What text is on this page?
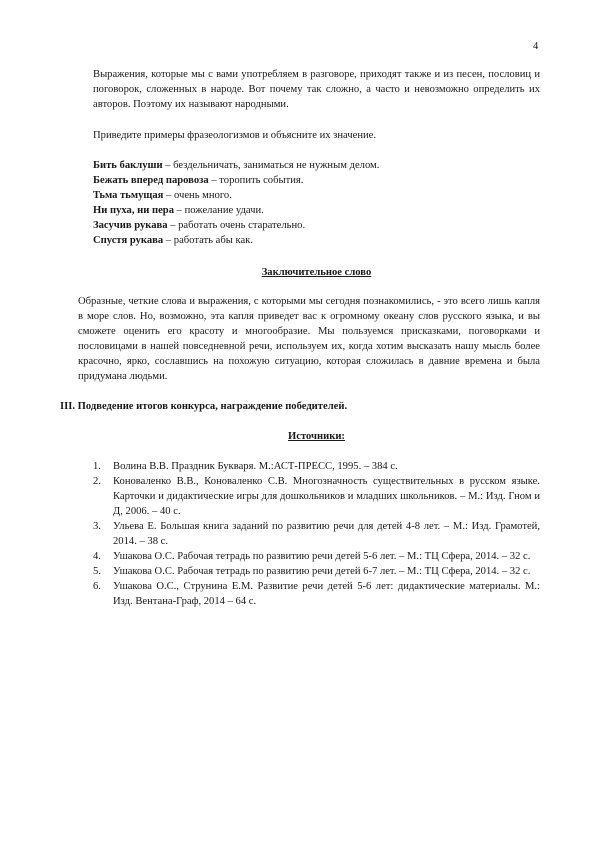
4

Выражения, которые мы с вами употребляем в разговоре, приходят также и из песен, пословиц и поговорок, сложенных в народе. Вот почему так сложно, а часто и невозможно определить их авторов. Поэтому их называют народными.

Приведите примеры фразеологизмов и объясните их значение.

Бить баклуши – бездельничать, заниматься не нужным делом.

Бежать вперед паровоза – торопить события.

Тьма тьмущая – очень много.

Ни пуха, ни пера – пожелание удачи.

Засучив рукава – работать очень старательно.

Спустя рукава – работать абы как.

Заключительное слово

Образные, четкие слова и выражения, с которыми мы сегодня познакомились, - это всего лишь капля в море слов. Но, возможно, эта капля приведет вас к огромному океану слов русского языка, и вы сможете оценить его красоту и многообразие. Мы пользуемся присказками, поговорками и пословицами в нашей повседневной речи, используем их, когда хотим высказать нашу мысль более красочно, ярко, сославшись на похожую ситуацию, которая сложилась в давние времена и была придумана людьми.

III. Подведение итогов конкурса, награждение победителей.

Источники:

1. Волина В.В. Праздник Букваря. М.:АСТ-ПРЕСС, 1995. – 384 с.
2. Коноваленко В.В., Коноваленко С.В. Многозначность существительных в русском языке. Карточки и дидактические игры для дошкольников и младших школьников. – М.: Изд. Гном и Д, 2006. – 40 с.
3. Ульева Е. Большая книга заданий по развитию речи для детей 4-8 лет. – М.: Изд. Грамотей, 2014. – 38 с.
4. Ушакова О.С. Рабочая тетрадь по развитию речи детей 5-6 лет. – М.: ТЦ Сфера, 2014. – 32 с.
5. Ушакова О.С. Рабочая тетрадь по развитию речи детей 6-7 лет. – М.: ТЦ Сфера, 2014. – 32 с.
6. Ушакова О.С., Струнина Е.М. Развитие речи детей 5-6 лет: дидактические материалы. М.: Изд. Вентана-Граф, 2014 – 64 с.
